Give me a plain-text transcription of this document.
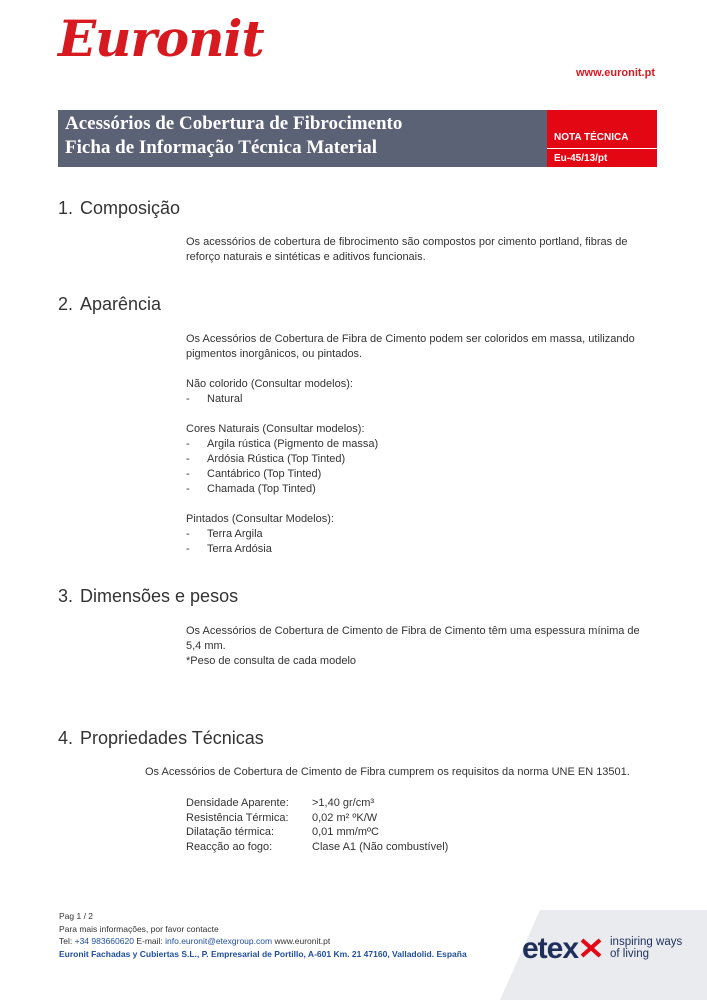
Euronit
www.euronit.pt
Acessórios de Cobertura de Fibrocimento
Ficha de Informação Técnica Material	NOTA TÉCNICA
Eu-45/13/pt
1. Composição
Os acessórios de cobertura de fibrocimento são compostos por cimento portland, fibras de reforço naturais e sintéticas e aditivos funcionais.
2. Aparência

Os Acessórios de Cobertura de Fibra de Cimento podem ser coloridos em massa, utilizando pigmentos inorgânicos, ou pintados.

Não colorido (Consultar modelos):

-	Natural

Cores Naturais (Consultar modelos):

-	Argila rústica (Pigmento de massa)
-	Ardósia Rústica (Top Tinted)
-	Cantábrico (Top Tinted)
-	Chamada (Top Tinted)

Pintados (Consultar Modelos):

-	Terra Argila
-	Terra Ardósia
3. Dimensões e pesos

Os Acessórios de Cobertura de Cimento de Fibra de Cimento têm uma espessura mínima de 5,4 mm.

*Peso de consulta de cada modelo

4. Propriedades Técnicas
Os Acessórios de Cobertura de Cimento de Fibra cumprem os requisitos da norma UNE EN 13501.
Densidade Aparente:	>1,40 gr/cm³
Resistência Térmica:	0,02 m² ºK/W
Dilatação térmica:	0,01 mm/mºC
Reacção ao fogo:	Clase A1 (Não combustível)
Pag 1 / 2
Para mais informações, por favor contacte
Tel: +34 983660620 E-mail: info.euronit@etexgroup.com www.euronit.pt
Euronit Fachadas y Cubiertas S.L., P. Empresarial de Portillo, A-601 Km. 21 47160, Valladolid. España etex	inspiring ways
of living
